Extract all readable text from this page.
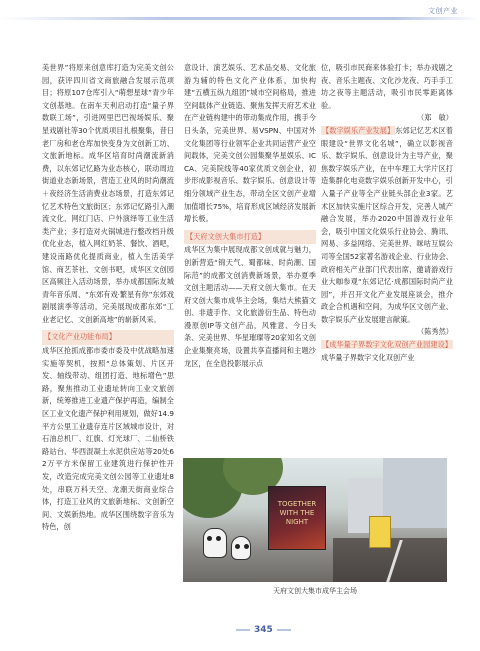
文创产业

美世界”将原来创意库打造为完美文创公园，获评四川省文商旅融合发展示范项目；将原107仓库引入“萌想星球”青少年文创基地。在南车天利启动打造“量子界数联工场”，引进网里巴巴视场娱乐、聚星戏剧社等30个优质项目扎根聚集，昔日老厂房和老仓库加快变身为文创新工坊、文旅新地标。成华区培育时尚潮流新消费，以东郊记忆路为业态核心，联动周边街道业态新场景，营造工业风的时尚潮流＋夜经济生活消费业态场景，打造东郊记忆艺术特色文旅街区；东郊记忆路引入潮流文化、网红门店、户外演绎等工业生活类产业；多打造对火锅城进行整改档升级优化业态，植入网红奶茶、餐饮、酒吧，建设南路优化提质商业，植入生活美学馆、商艺茶社、文创书吧，成华区文创园区高频注入活动场景，举办成都国际友城青年音乐周、“东郊有戏·繁星有你”东郊戏剧展演季等活动，完美展现成都东郊“工业老记忆、文创新高地”的崭新风采。

【文化产业功能布局】

成华区抢抓成都市委市委及中优战略加速实施等契机，按照“总体策划、片区开发、轴线带动、组团打造、地标增色”思路，聚焦推动工业遗址转向工业文旅创新，统筹推进工业遗产保护再造，编制全区工业文化遗产保护利用规划，做好14.9平方公里工业遗存连片区域城市设计，对石油总机厂、红旗、灯光球厂、二仙桥铁路站台、华西混凝土水泥供应站等20处62万平方米保留工业建筑进行保护性开发，改造完成完美文创公园等工业遗址8处，串联万科天空、龙潮天街商业综合体，打造工业风的文旅新地标、文创新空间、文娱新热地。成华区围绕数字音乐为特色，创

意设计、演艺娱乐、艺术品交易、文化旅游为辅的特色文化产业体系，加快构建“五横五纵九组团”城市空间格局，推进空间载体产业链造、聚焦发挥天府艺术业在产业链构建中的带动集成作用，携手今日头条，完美世界、易VSPN、中国对外文化集团等行业领军企业共同运营产业空间载体，完美文创公园集聚华星娱乐、ICCA、完美院线等40家优质文创企业，初步形成影视音乐、数字娱乐、创意设计等细分领域产业生态，带动全区文创产业增加值增长75%，培育形成区域经济发展新增长极。

【天府文创大集市打造】

成华区为集中展现成都文创成就与魅力，创新营造“锦天气、蜀都味、时尚潮、国际范”的成都文创消费新场景，举办夏季文创主题活动——天府文创大集市。在天府文创大集市成华主会场，集结大熊猫文创、非遗手作、文化旅游衍生品、特色动漫原创IP等文创产品，风雅意、今日头条、完美世界、华星璀璨等20家知名文创企业集聚亮场，设置共享直播间和主题沙龙区，在全息投影展示点

位，吸引市民商来体验打卡；举办戏剧之夜、音乐主题夜、文化沙龙夜、巧手手工坊之夜等主题活动，吸引市民零距离体验。

（郑　敏）

【数字娱乐产业发展】东郊记忆艺术区着眼建设“世界文化名城”，确立以影视音乐、数字娱乐、创意设计为主导产业，聚焦数字娱乐产业，在中车理工大学片区打造集群化电竞数字娱乐创新开发中心，引入量子产业等全产业链头部企业3家。艺术区加快实施片区综合开发，完善人城产融合发展，举办2020中国游戏行业年会，吸引中国文化娱乐行业协会、腾讯、网易、多益网络、完美世界、咪咕互娱公司等全国52家著名游戏企业、行业协会、政府相关产业部门代表出席，邀请游戏行业大咖参观“东郊记忆·成都国际时尚产业园”，并召开文化产业发展座谈会，推介政企合机遇和空间，为成华区文创产业、数字娱乐产业发展建言献策。

（陈秀然）

【成华量子界数字文化双创产业园建设】成华量子界数字文化双创产业

TOGETHER WITH THE NIGHT
天府文创大集市成华主会场
345
